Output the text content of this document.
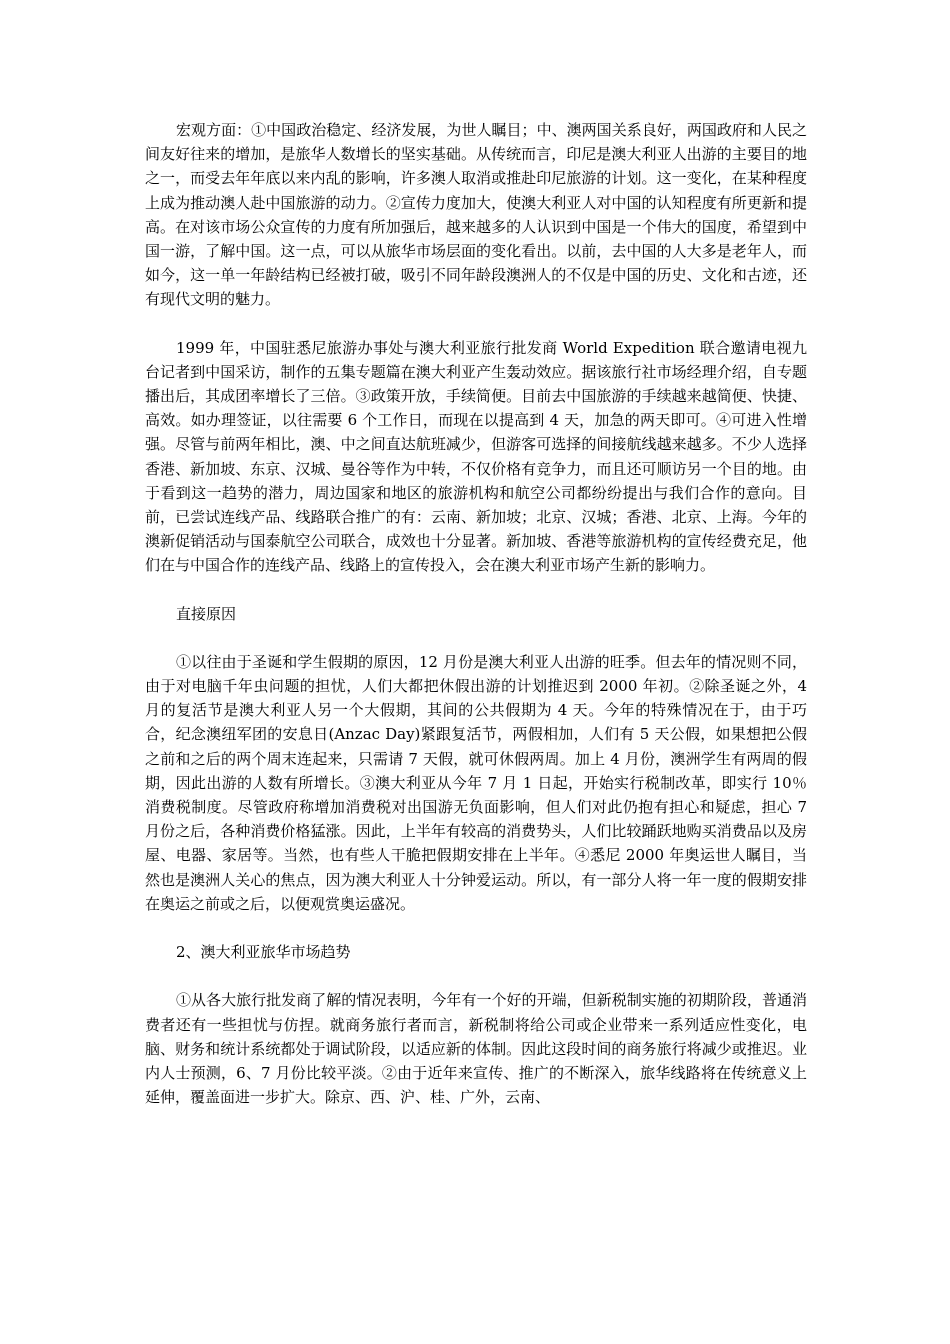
宏观方面：①中国政治稳定、经济发展，为世人瞩目；中、澳两国关系良好，两国政府和人民之间友好往来的增加，是旅华人数增长的坚实基础。从传统而言，印尼是澳大利亚人出游的主要目的地之一，而受去年年底以来内乱的影响，许多澳人取消或推赴印尼旅游的计划。这一变化，在某种程度上成为推动澳人赴中国旅游的动力。②宣传力度加大，使澳大利亚人对中国的认知程度有所更新和提高。在对该市场公众宣传的力度有所加强后，越来越多的人认识到中国是一个伟大的国度，希望到中国一游，了解中国。这一点，可以从旅华市场层面的变化看出。以前，去中国的人大多是老年人，而如今，这一单一年龄结构已经被打破，吸引不同年龄段澳洲人的不仅是中国的历史、文化和古迹，还有现代文明的魅力。

1999 年，中国驻悉尼旅游办事处与澳大利亚旅行批发商 World Expedition 联合邀请电视九台记者到中国采访，制作的五集专题篇在澳大利亚产生轰动效应。据该旅行社市场经理介绍，自专题播出后，其成团率增长了三倍。③政策开放，手续简便。目前去中国旅游的手续越来越简便、快捷、高效。如办理签证，以往需要 6 个工作日，而现在以提高到 4 天，加急的两天即可。④可进入性增强。尽管与前两年相比，澳、中之间直达航班减少，但游客可选择的间接航线越来越多。不少人选择香港、新加坡、东京、汉城、曼谷等作为中转，不仅价格有竞争力，而且还可顺访另一个目的地。由于看到这一趋势的潜力，周边国家和地区的旅游机构和航空公司都纷纷提出与我们合作的意向。目前，已尝试连线产品、线路联合推广的有：云南、新加坡；北京、汉城；香港、北京、上海。今年的澳新促销活动与国泰航空公司联合，成效也十分显著。新加坡、香港等旅游机构的宣传经费充足，他们在与中国合作的连线产品、线路上的宣传投入，会在澳大利亚市场产生新的影响力。

直接原因

①以往由于圣诞和学生假期的原因，12 月份是澳大利亚人出游的旺季。但去年的情况则不同，由于对电脑千年虫问题的担忧，人们大都把休假出游的计划推迟到 2000 年初。②除圣诞之外，4 月的复活节是澳大利亚人另一个大假期，其间的公共假期为 4 天。今年的特殊情况在于，由于巧合，纪念澳纽军团的安息日(Anzac Day)紧跟复活节，两假相加，人们有 5 天公假，如果想把公假之前和之后的两个周末连起来，只需请 7 天假，就可休假两周。加上 4 月份，澳洲学生有两周的假期，因此出游的人数有所增长。③澳大利亚从今年 7 月 1 日起，开始实行税制改革，即实行 10％消费税制度。尽管政府称增加消费税对出国游无负面影响，但人们对此仍抱有担心和疑虑，担心 7 月份之后，各种消费价格猛涨。因此，上半年有较高的消费势头，人们比较踊跃地购买消费品以及房屋、电器、家居等。当然，也有些人干脆把假期安排在上半年。④悉尼 2000 年奥运世人瞩目，当然也是澳洲人关心的焦点，因为澳大利亚人十分钟爱运动。所以，有一部分人将一年一度的假期安排在奥运之前或之后，以便观赏奥运盛况。

2、澳大利亚旅华市场趋势

①从各大旅行批发商了解的情况表明，今年有一个好的开端，但新税制实施的初期阶段，普通消费者还有一些担忧与仿捏。就商务旅行者而言，新税制将给公司或企业带来一系列适应性变化，电脑、财务和统计系统都处于调试阶段，以适应新的体制。因此这段时间的商务旅行将减少或推迟。业内人士预测，6、7 月份比较平淡。②由于近年来宣传、推广的不断深入，旅华线路将在传统意义上延伸，覆盖面进一步扩大。除京、西、沪、桂、广外，云南、
